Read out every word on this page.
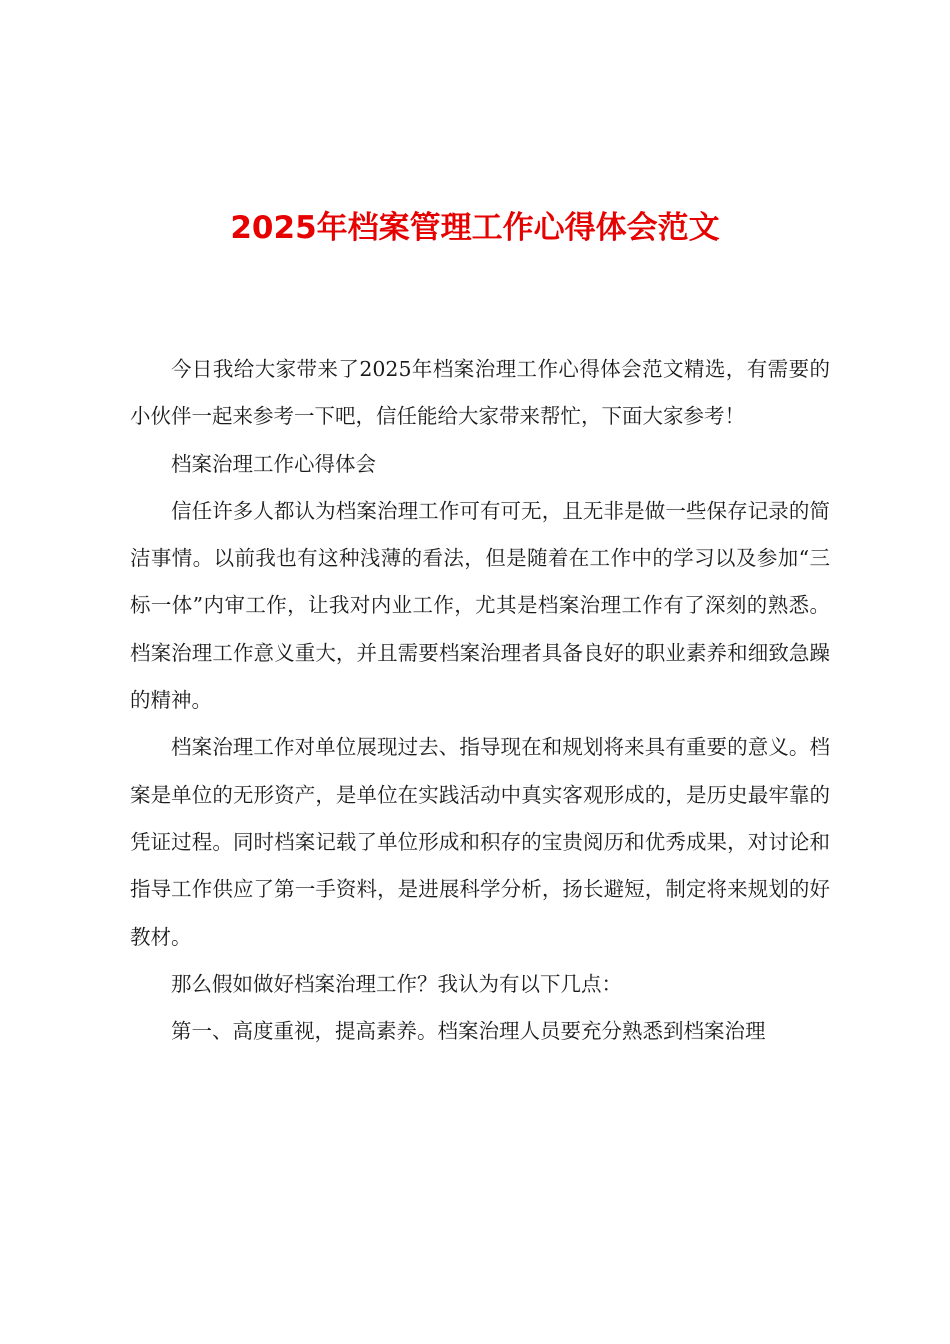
2025年档案管理工作心得体会范文

今日我给大家带来了2025年档案治理工作心得体会范文精选，有需要的小伙伴一起来参考一下吧，信任能给大家带来帮忙，下面大家参考！

档案治理工作心得体会

信任许多人都认为档案治理工作可有可无，且无非是做一些保存记录的简洁事情。以前我也有这种浅薄的看法，但是随着在工作中的学习以及参加“三标一体”内审工作，让我对内业工作，尤其是档案治理工作有了深刻的熟悉。档案治理工作意义重大，并且需要档案治理者具备良好的职业素养和细致急躁的精神。

档案治理工作对单位展现过去、指导现在和规划将来具有重要的意义。档案是单位的无形资产，是单位在实践活动中真实客观形成的，是历史最牢靠的凭证过程。同时档案记载了单位形成和积存的宝贵阅历和优秀成果，对讨论和指导工作供应了第一手资料，是进展科学分析，扬长避短，制定将来规划的好教材。

那么假如做好档案治理工作？我认为有以下几点：

第一、高度重视，提高素养。档案治理人员要充分熟悉到档案治理
